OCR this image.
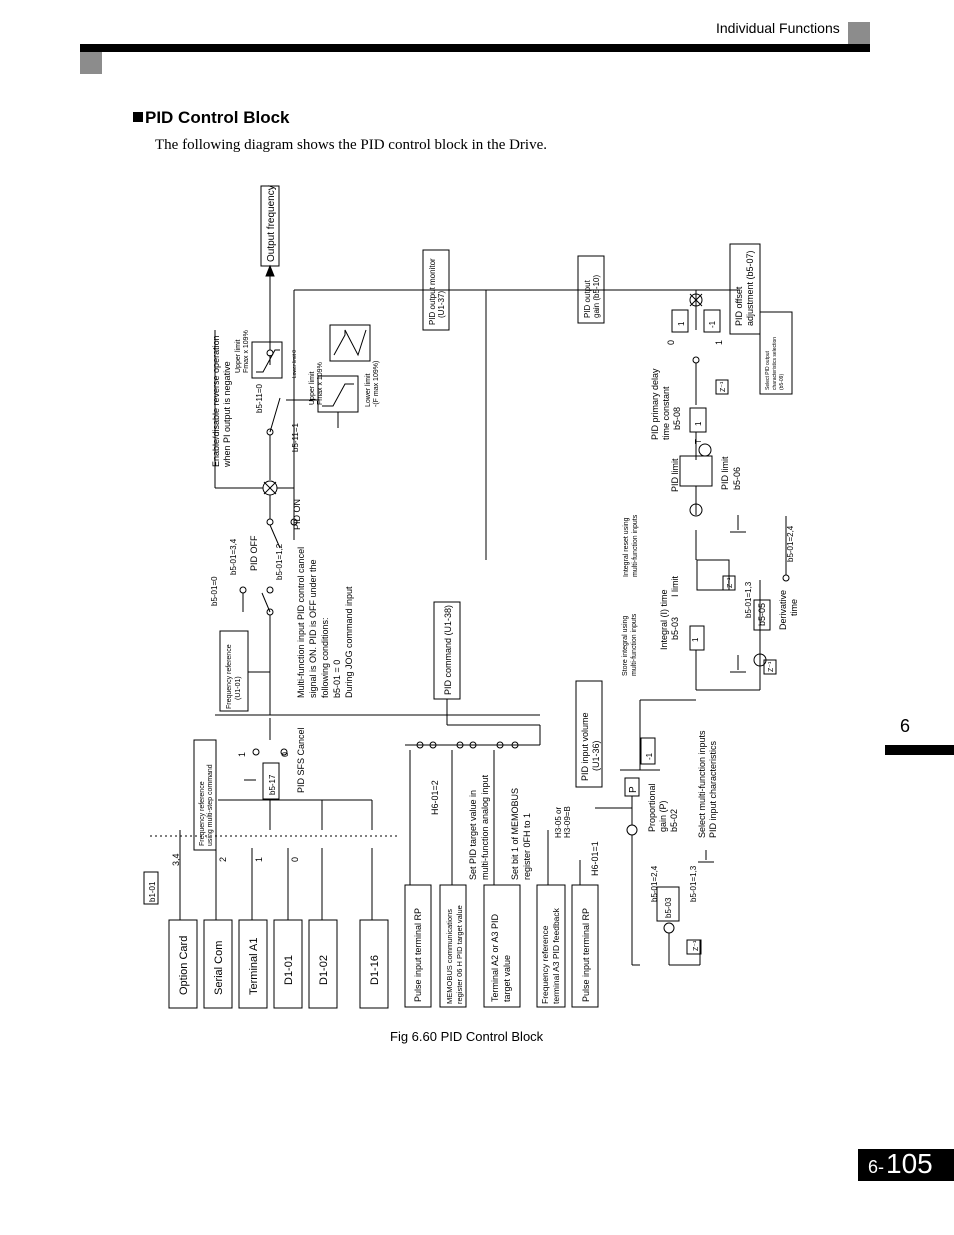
Individual Functions
PID Control Block
The following diagram shows the PID control block in the Drive.
Output frequency
PID output monitor (U1-37)	PID output gain (b5-10)	PID offset adjustment (b5-07)
Select PID output characteristics selection (b5-09)
Enable/disable reverse operation when PI output is negative
Upper limit Fmax x 109%	Lower limit 0
Upper limit Fmax x 109%	Lower limit -(F max 109%)
b5-11=0
b5-11=1
b5-01=0
b5-01=3,4 PID OFF b5-01=1,2
PID ON
Frequency reference (U1-01)	Multi-function input PID control cancel signal is ON. PID is OFF under the following conditions: b5-01 = 0 During JOG command input
Frequency reference using multi-step command	b5-17 PID SFS Cancel
1	0
b1-01
3,4	2	1	0
Option Card Serial Com Terminal A1 D1-01 D1-02	D1-16
PID command (U1-38)
H6-01=2	Set PID target value in multi-function analog input Set bit 1 of MEMOBUS register 0FH to 1	H3-05 or H3-09=B
H6-01=1
Pulse input terminal RP	MEMOBUS communications register 06 H PID target value	Terminal A2 or A3 PID target value	Frequency reference terminal A3 PID feedback Pulse input terminal RP
PID input volume (U1-36)
P
-1
Proportional gain (P) b5-02 Select multi-function inputs PID input characteristics
b5-01=2,4
b5-03
b5-01=1,3
Z⁻¹
Store integral using multi-function inputs
Integral reset using multi-function inputs
Integral (I) time b5-03
I limit	b5-01=1,3 b5-05 Derivative time
b5-01=2,4
PID limit	PID limit b5-06
PID primary delay time constant b5-08
0	1
1	-1
1
T
Z⁻¹
Z⁻¹
Z⁻¹
1
Fig 6.60 PID Control Block
6
6- 105
